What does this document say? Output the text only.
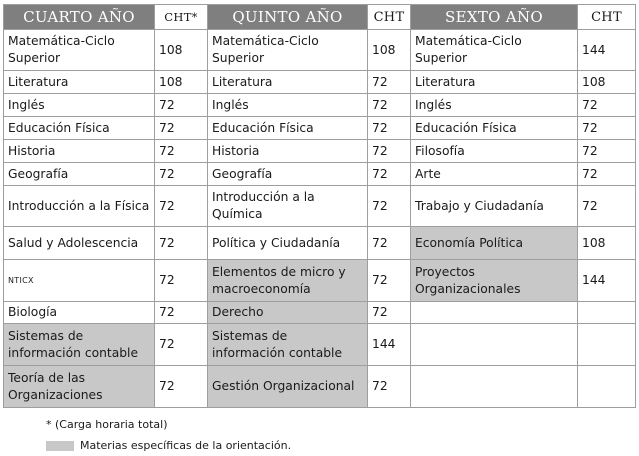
CUARTO AÑO	CHT*	QUINTO AÑO	CHT	SEXTO AÑO	CHT
Matemática-Ciclo Superior	108	Matemática-Ciclo Superior	108	Matemática-Ciclo Superior	144
Literatura	108	Literatura	72	Literatura	108
Inglés	72	Inglés	72	Inglés	72
Educación Física	72	Educación Física	72	Educación Física	72
Historia	72	Historia	72	Filosofía	72
Geografía	72	Geografía	72	Arte	72
Introducción a la Física	72	Introducción a la Química	72	Trabajo y Ciudadanía	72
Salud y Adolescencia	72	Política y Ciudadanía	72	Economía Política	108
NTICX	72	Elementos de micro y macroeconomía	72	Proyectos Organizacionales	144
Biología	72	Derecho	72		
Sistemas de información contable	72	Sistemas de información contable	144		
Teoría de las Organizaciones	72	Gestión Organizacional	72		
* (Carga horaria total)
Materias específicas de la orientación.
